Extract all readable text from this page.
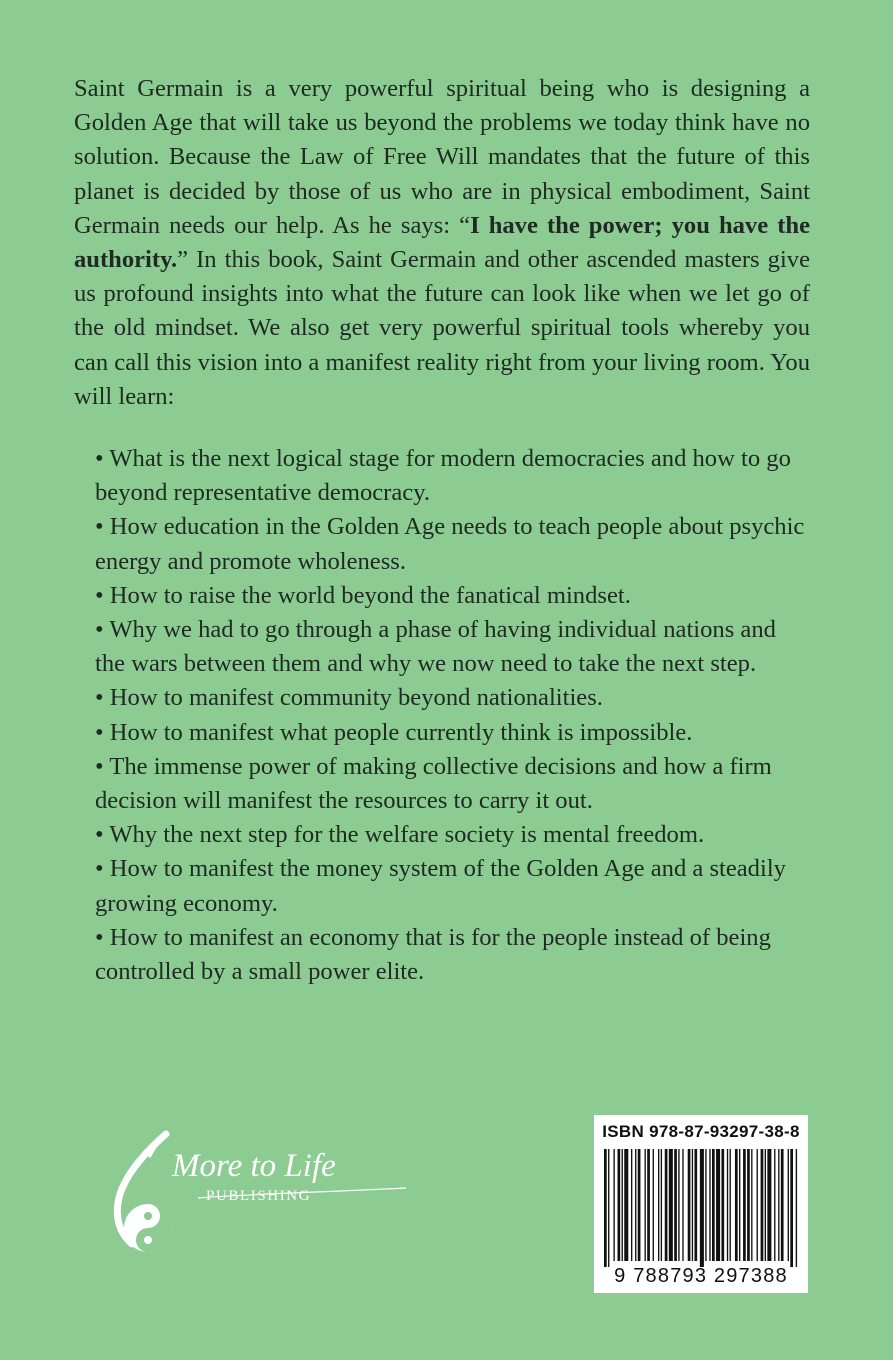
Saint Germain is a very powerful spiritual being who is designing a Golden Age that will take us beyond the problems we today think have no solution. Because the Law of Free Will mandates that the future of this planet is decided by those of us who are in physical embodiment, Saint Germain needs our help. As he says: “I have the power; you have the authority.” In this book, Saint Germain and other ascended masters give us profound insights into what the future can look like when we let go of the old mindset. We also get very powerful spiritual tools whereby you can call this vision into a manifest reality right from your living room. You will learn:

• What is the next logical stage for modern democracies and how to go beyond representative democracy.
• How education in the Golden Age needs to teach people about psychic energy and promote wholeness.
• How to raise the world beyond the fanatical mindset.
• Why we had to go through a phase of having individual nations and the wars between them and why we now need to take the next step.
• How to manifest community beyond nationalities.
• How to manifest what people currently think is impossible.
• The immense power of making collective decisions and how a firm decision will manifest the resources to carry it out.
• Why the next step for the welfare society is mental freedom.
• How to manifest the money system of the Golden Age and a steadily growing economy.
• How to manifest an economy that is for the people instead of being controlled by a small power elite.
More to Life
PUBLISHING
ISBN 978-87-93297-38-8
9 788793 297388
